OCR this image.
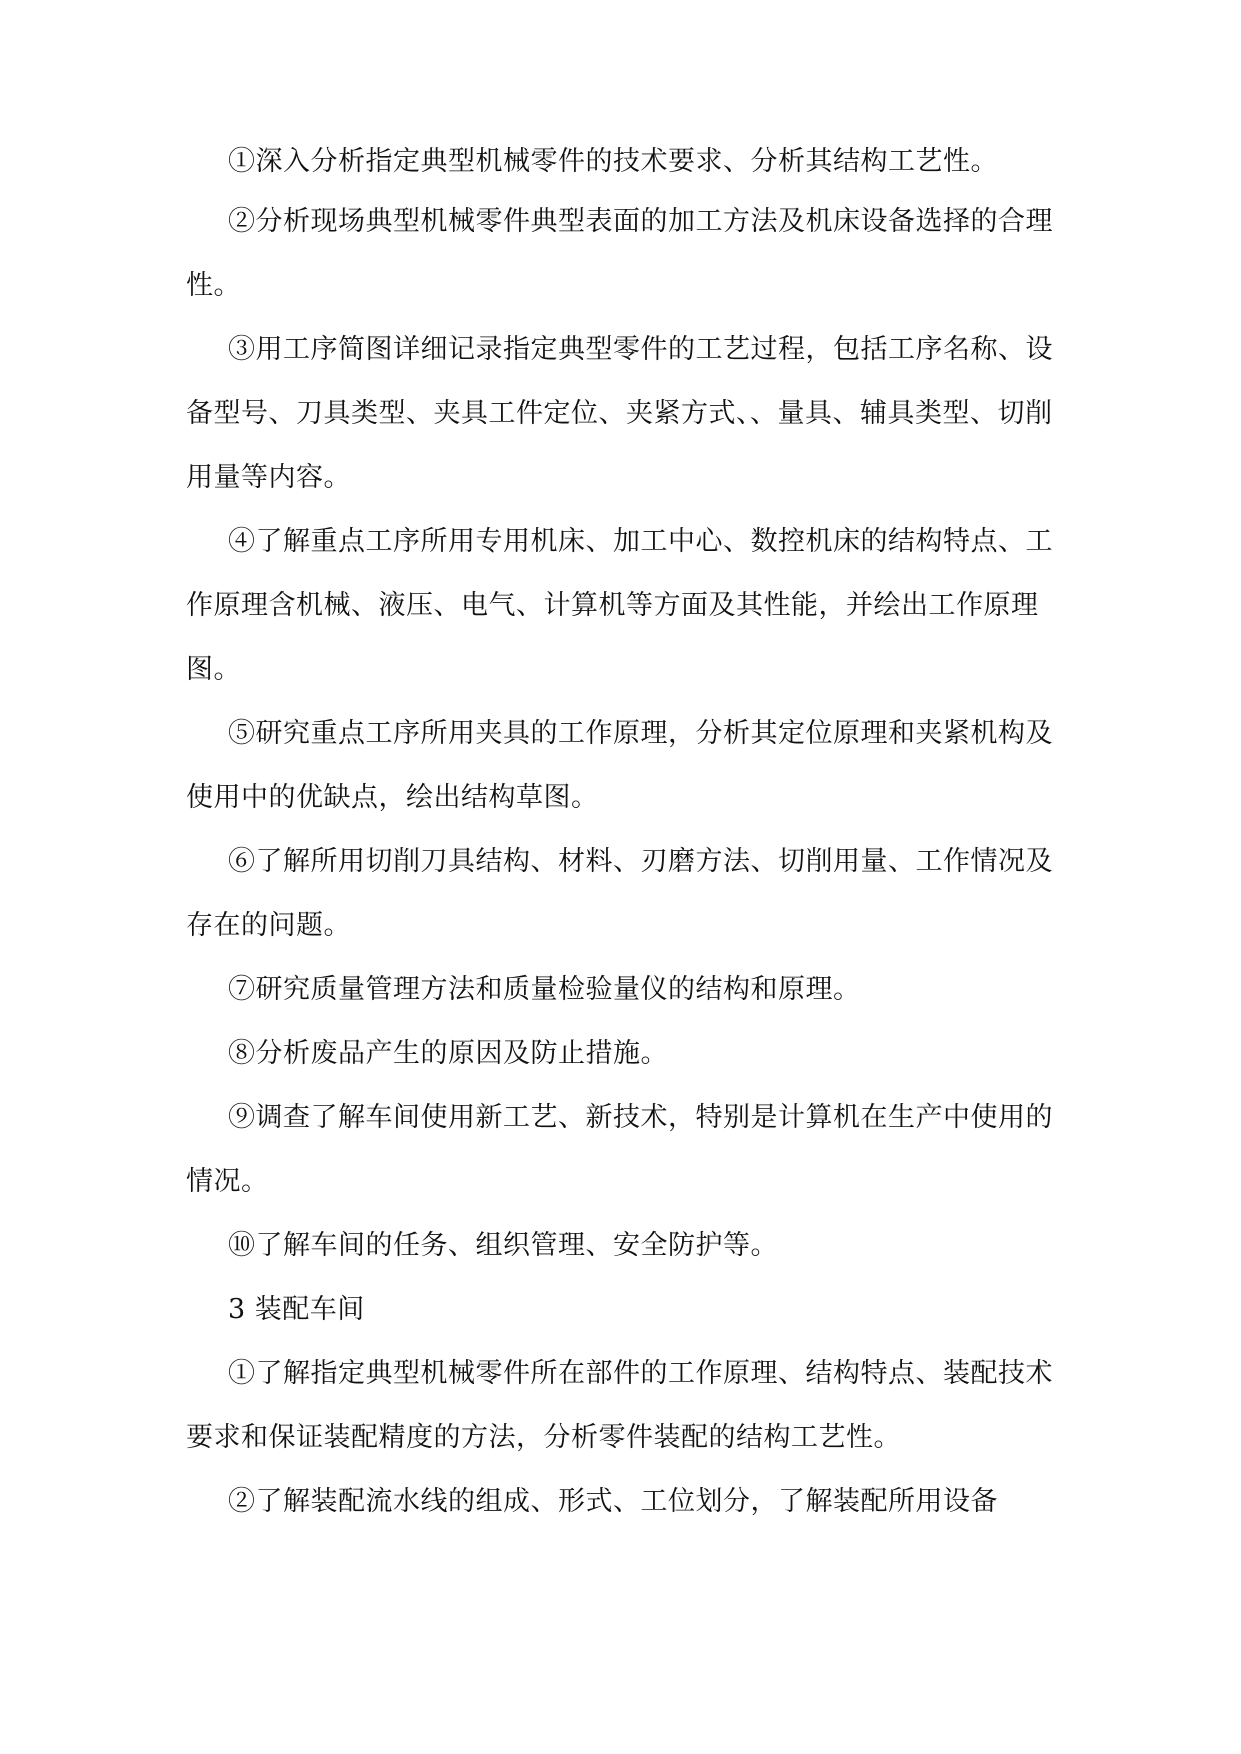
①深入分析指定典型机械零件的技术要求、分析其结构工艺性。

②分析现场典型机械零件典型表面的加工方法及机床设备选择的合理性。

③用工序简图详细记录指定典型零件的工艺过程，包括工序名称、设备型号、刀具类型、夹具工件定位、夹紧方式、、量具、辅具类型、切削用量等内容。

④了解重点工序所用专用机床、加工中心、数控机床的结构特点、工作原理含机械、液压、电气、计算机等方面及其性能，并绘出工作原理图。

⑤研究重点工序所用夹具的工作原理，分析其定位原理和夹紧机构及使用中的优缺点，绘出结构草图。

⑥了解所用切削刀具结构、材料、刃磨方法、切削用量、工作情况及存在的问题。

⑦研究质量管理方法和质量检验量仪的结构和原理。

⑧分析废品产生的原因及防止措施。

⑨调查了解车间使用新工艺、新技术，特别是计算机在生产中使用的情况。

⑩了解车间的任务、组织管理、安全防护等。

3 装配车间

①了解指定典型机械零件所在部件的工作原理、结构特点、装配技术要求和保证装配精度的方法，分析零件装配的结构工艺性。

②了解装配流水线的组成、形式、工位划分，了解装配所用设备
